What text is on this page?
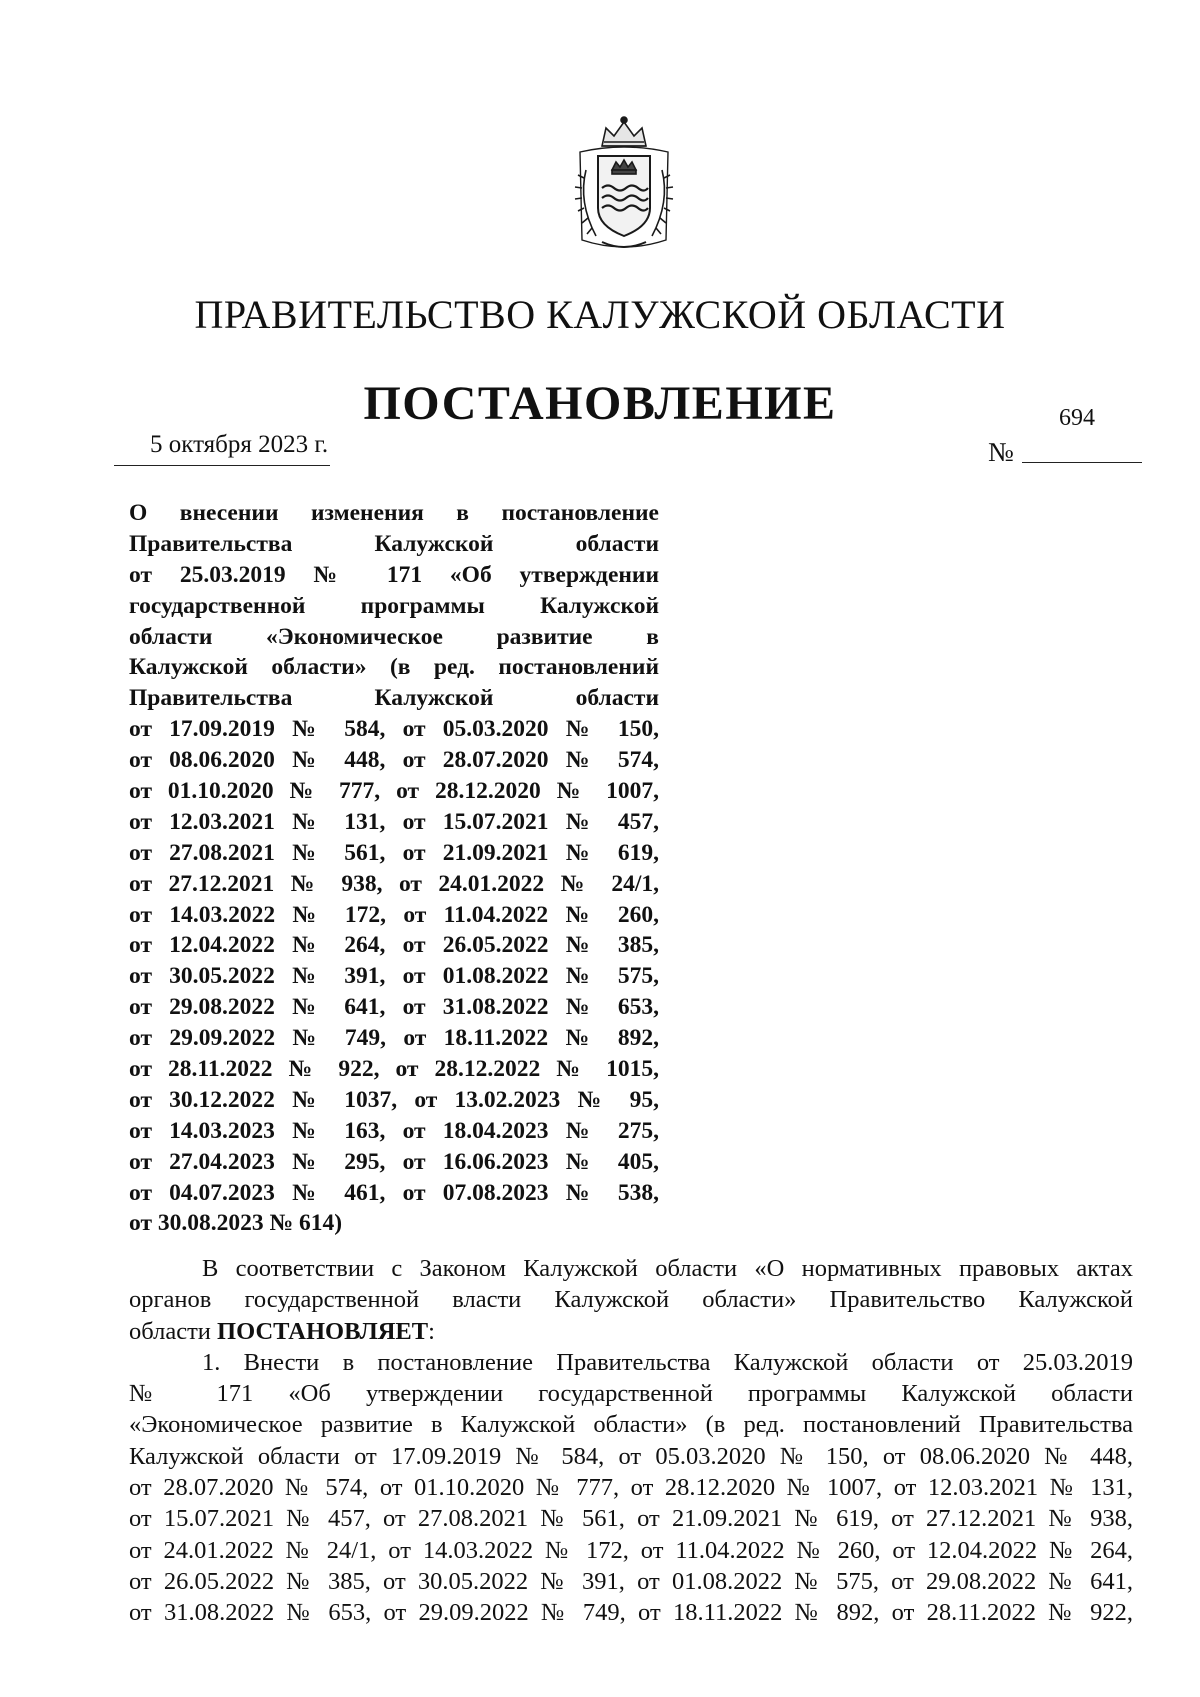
ПРАВИТЕЛЬСТВО КАЛУЖСКОЙ ОБЛАСТИ
ПОСТАНОВЛЕНИЕ
5 октября 2023 г.	№
694
О внесении изменения в постановление
Правительства Калужской области
от 25.03.2019 № 171 «Об утверждении
государственной программы Калужской
области «Экономическое развитие в
Калужской области» (в ред. постановлений
Правительства Калужской области
от 17.09.2019 № 584, от 05.03.2020 № 150,
от 08.06.2020 № 448, от 28.07.2020 № 574,
от 01.10.2020 № 777, от 28.12.2020 № 1007,
от 12.03.2021 № 131, от 15.07.2021 № 457,
от 27.08.2021 № 561, от 21.09.2021 № 619,
от 27.12.2021 № 938, от 24.01.2022 № 24/1,
от 14.03.2022 № 172, от 11.04.2022 № 260,
от 12.04.2022 № 264, от 26.05.2022 № 385,
от 30.05.2022 № 391, от 01.08.2022 № 575,
от 29.08.2022 № 641, от 31.08.2022 № 653,
от 29.09.2022 № 749, от 18.11.2022 № 892,
от 28.11.2022 № 922, от 28.12.2022 № 1015,
от 30.12.2022 № 1037, от 13.02.2023 № 95,
от 14.03.2023 № 163, от 18.04.2023 № 275,
от 27.04.2023 № 295, от 16.06.2023 № 405,
от 04.07.2023 № 461, от 07.08.2023 № 538,
от 30.08.2023 № 614)
В соответствии с Законом Калужской области «О нормативных правовых актах
органов государственной власти Калужской области» Правительство Калужской
области ПОСТАНОВЛЯЕТ:
1. Внести в постановление Правительства Калужской области от 25.03.2019
№ 171 «Об утверждении государственной программы Калужской области
«Экономическое развитие в Калужской области» (в ред. постановлений Правительства
Калужской области от 17.09.2019 № 584, от 05.03.2020 № 150, от 08.06.2020 № 448,
от 28.07.2020 № 574, от 01.10.2020 № 777, от 28.12.2020 № 1007, от 12.03.2021 № 131,
от 15.07.2021 № 457, от 27.08.2021 № 561, от 21.09.2021 № 619, от 27.12.2021 № 938,
от 24.01.2022 № 24/1, от 14.03.2022 № 172, от 11.04.2022 № 260, от 12.04.2022 № 264,
от 26.05.2022 № 385, от 30.05.2022 № 391, от 01.08.2022 № 575, от 29.08.2022 № 641,
от 31.08.2022 № 653, от 29.09.2022 № 749, от 18.11.2022 № 892, от 28.11.2022 № 922,
